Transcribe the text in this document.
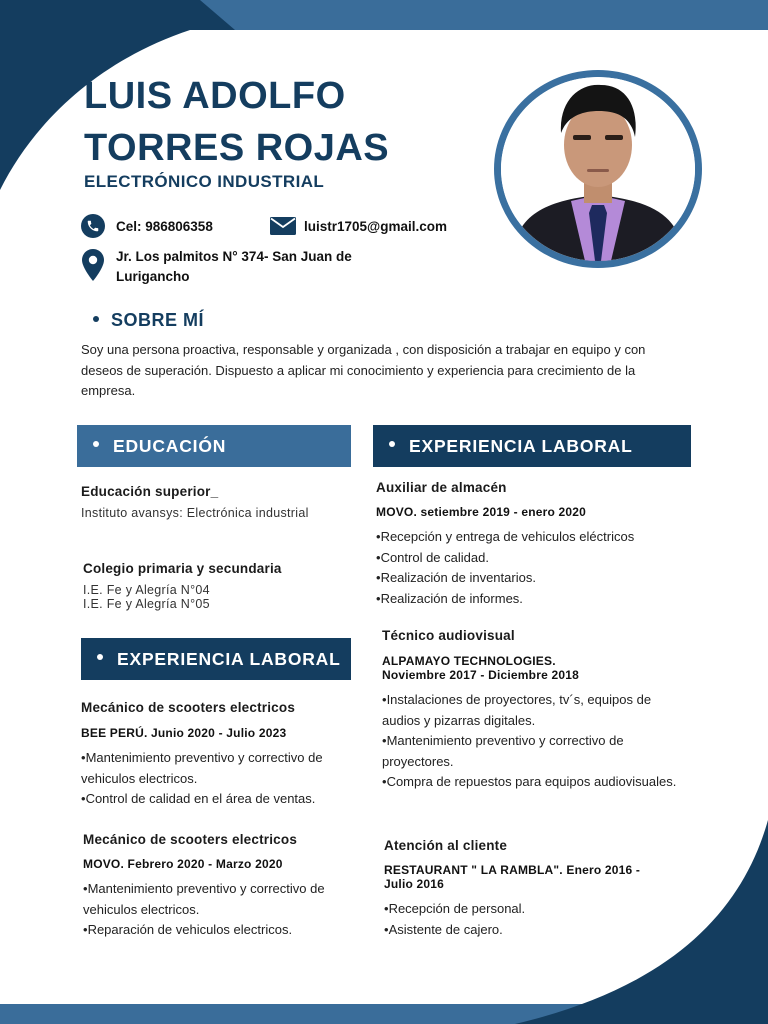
LUIS ADOLFO
TORRES ROJAS
ELECTRÓNICO INDUSTRIAL
Cel: 986806358	luistr1705@gmail.com
Jr. Los palmitos N° 374- San Juan de Lurigancho
SOBRE MÍ
Soy una persona proactiva, responsable y organizada , con disposición a trabajar en equipo y con deseos de superación. Dispuesto a aplicar mi conocimiento y experiencia para crecimiento de la empresa.
EDUCACIÓN
Educación superior_
Instituto avansys: Electrónica industrial
Colegio primaria y secundaria
I.E. Fe y Alegría N°04
I.E. Fe y Alegría N°05
EXPERIENCIA LABORAL
Mecánico de scooters electricos
BEE PERÚ. Junio 2020 - Julio 2023
• Mantenimiento preventivo y correctivo de vehiculos electricos.
• Control de calidad en el área de ventas.
Mecánico de scooters electricos
MOVO. Febrero 2020 - Marzo 2020
• Mantenimiento preventivo y correctivo de vehiculos electricos.
• Reparación de vehiculos electricos.
EXPERIENCIA LABORAL
Auxiliar de almacén
MOVO. setiembre 2019 - enero 2020
• Recepción y entrega de vehiculos eléctricos
• Control de calidad.
• Realización de inventarios.
• Realización de informes.
Técnico audiovisual
ALPAMAYO TECHNOLOGIES.
Noviembre 2017 - Diciembre 2018
• Instalaciones de proyectores, tv´s, equipos de audios y pizarras digitales.
• Mantenimiento preventivo y correctivo de proyectores.
• Compra de repuestos para equipos audiovisuales.
Atención al cliente
RESTAURANT " LA RAMBLA". Enero 2016 -
Julio 2016
• Recepción de personal.
• Asistente de cajero.
